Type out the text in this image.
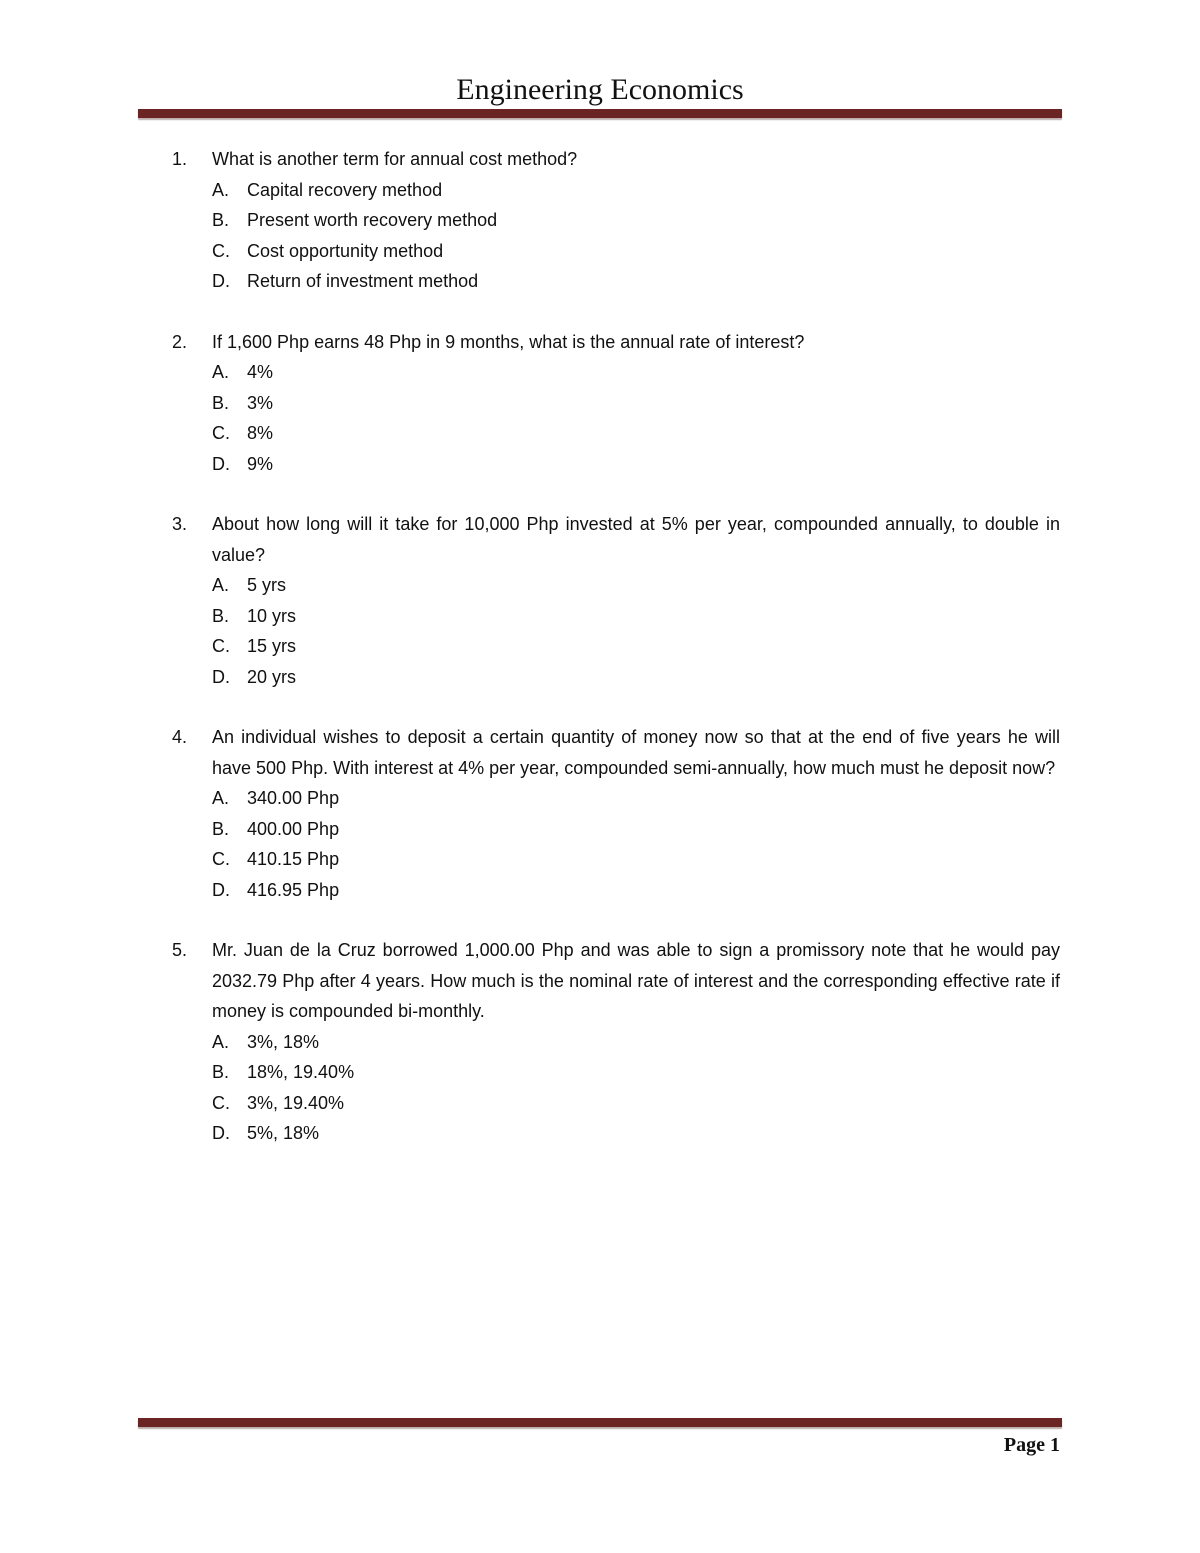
Engineering Economics
1.	What is another term for annual cost method?
A. Capital recovery method
B. Present worth recovery method
C. Cost opportunity method
D. Return of investment method
2.	If 1,600 Php earns 48 Php in 9 months, what is the annual rate of interest?
A. 4%
B. 3%
C. 8%
D. 9%
3.	About how long will it take for 10,000 Php invested at 5% per year, compounded annually, to double in value?
A. 5 yrs
B. 10 yrs
C. 15 yrs
D. 20 yrs
4.	An individual wishes to deposit a certain quantity of money now so that at the end of five years he will have 500 Php. With interest at 4% per year, compounded semi-annually, how much must he deposit now?
A. 340.00 Php
B. 400.00 Php
C. 410.15 Php
D. 416.95 Php
5.	Mr. Juan de la Cruz borrowed 1,000.00 Php and was able to sign a promissory note that he would pay 2032.79 Php after 4 years. How much is the nominal rate of interest and the corresponding effective rate if money is compounded bi-monthly.
A. 3%, 18%
B. 18%, 19.40%
C. 3%, 19.40%
D. 5%, 18%
Page 1
